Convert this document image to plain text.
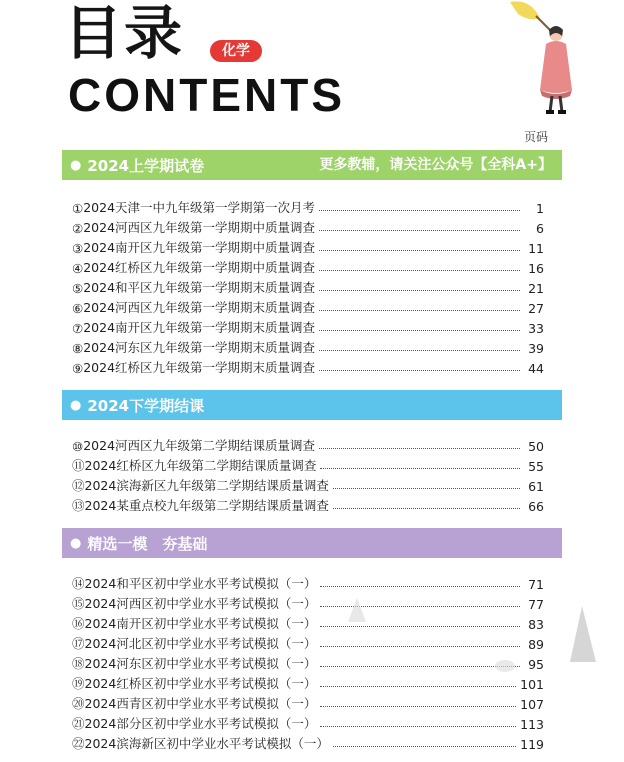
目录	化学
CONTENTS
页码
● 2024上学期试卷	更多教辅，请关注公众号【全科A+】
① 2024天津一中九年级第一学期第一次月考	1
② 2024河西区九年级第一学期期中质量调查	6
③ 2024南开区九年级第一学期期中质量调查	11
④ 2024红桥区九年级第一学期期中质量调查	16
⑤ 2024和平区九年级第一学期期末质量调查	21
⑥ 2024河西区九年级第一学期期末质量调查	27
⑦ 2024南开区九年级第一学期期末质量调查	33
⑧ 2024河东区九年级第一学期期末质量调查	39
⑨ 2024红桥区九年级第一学期期末质量调查	44
● 2024下学期结课
⑩ 2024河西区九年级第二学期结课质量调查	50
⑪ 2024红桥区九年级第二学期结课质量调查	55
⑫ 2024滨海新区九年级第二学期结课质量调查	61
⑬ 2024某重点校九年级第二学期结课质量调查	66
● 精选一模　夯基础
⑭ 2024和平区初中学业水平考试模拟（一）	71
⑮ 2024河西区初中学业水平考试模拟（一）	77
⑯ 2024南开区初中学业水平考试模拟（一）	83
⑰ 2024河北区初中学业水平考试模拟（一）	89
⑱ 2024河东区初中学业水平考试模拟（一）	95
⑲ 2024红桥区初中学业水平考试模拟（一）	101
⑳ 2024西青区初中学业水平考试模拟（一）	107
㉑ 2024部分区初中学业水平考试模拟（一）	113
㉒ 2024滨海新区初中学业水平考试模拟（一）	119
